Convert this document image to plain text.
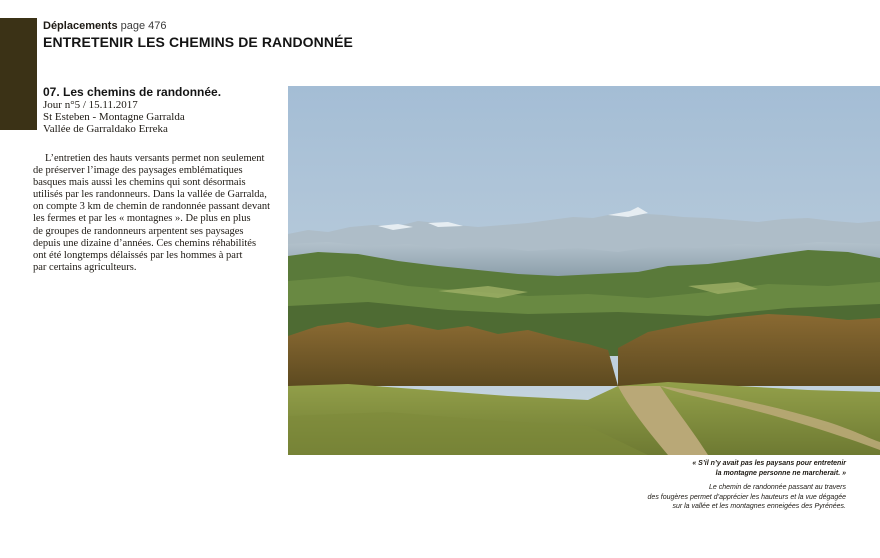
Déplacements page 476
ENTRETENIR LES CHEMINS DE RANDONNÉE
07. Les chemins de randonnée.
Jour n°5 / 15.11.2017
St Esteben - Montagne Garralda
Vallée de Garraldako Erreka

L’entretien des hauts versants permet non seulement
de préserver l’image des paysages emblématiques
basques mais aussi les chemins qui sont désormais
utilisés par les randonneurs. Dans la vallée de Garralda,
on compte 3 km de chemin de randonnée passant devant
les fermes et par les « montagnes ». De plus en plus
de groupes de randonneurs arpentent ses paysages
depuis une dizaine d’années. Ces chemins réhabilités
ont été longtemps délaissés par les hommes à part
par certains agriculteurs.

« S’il n’y avait pas les paysans pour entretenir
la montagne personne ne marcherait. »
Le chemin de randonnée passant au travers
des fougères permet d’apprécier les hauteurs et la vue dégagée
sur la vallée et les montagnes enneigées des Pyrénées.
